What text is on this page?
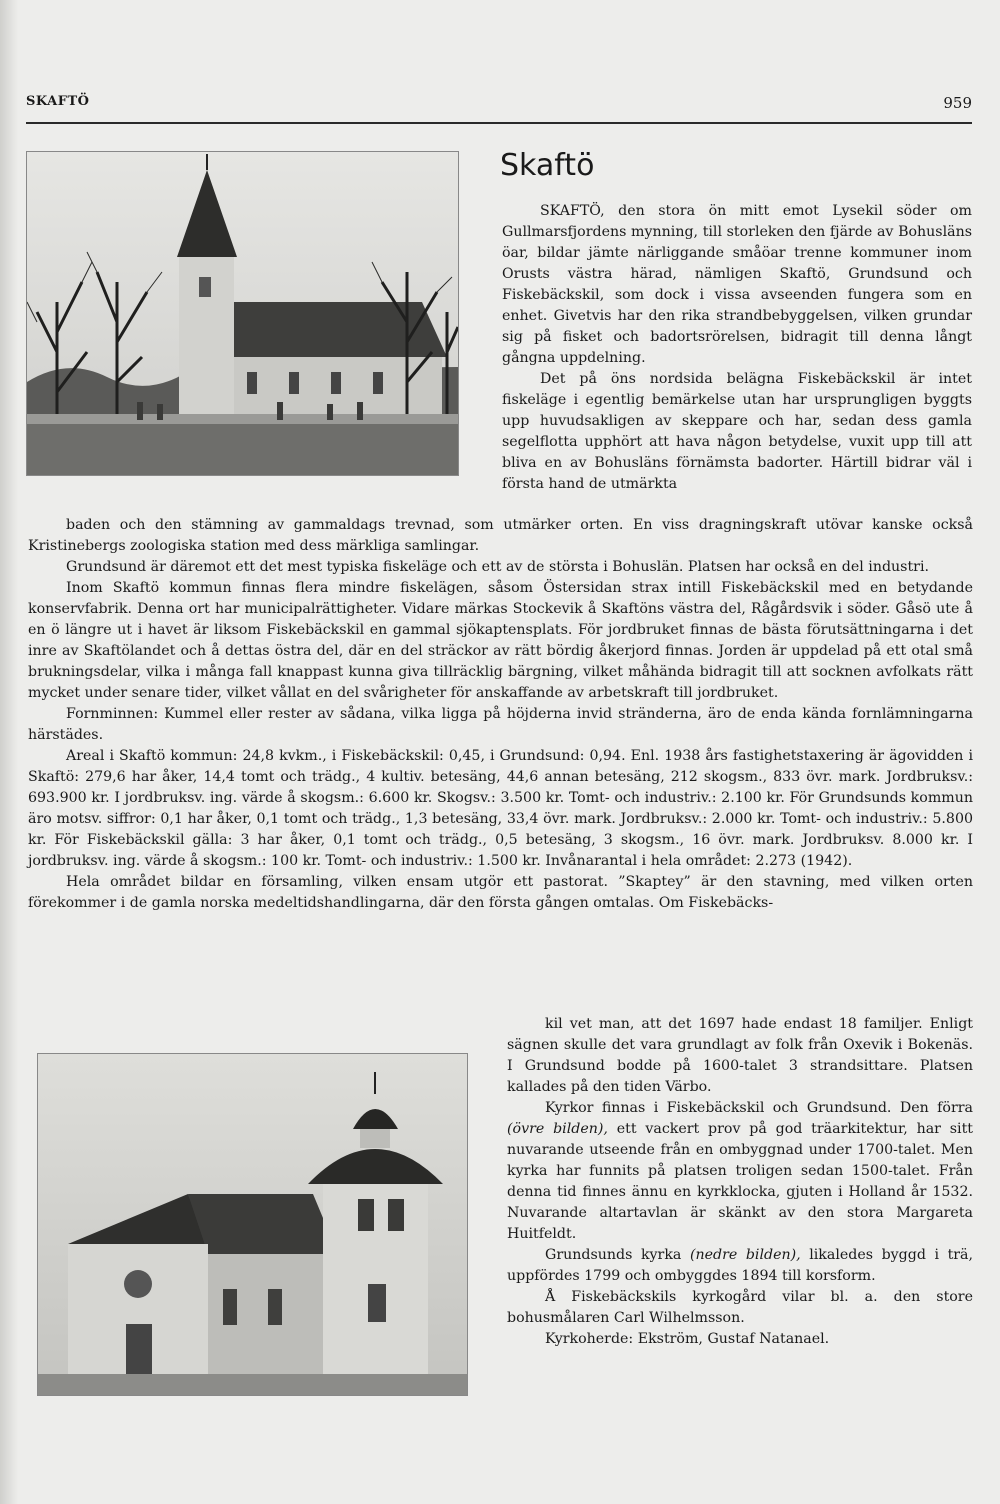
SKAFTÖ	959
Skaftö

SKAFTÖ, den stora ön mitt emot Lysekil söder om Gullmarsfjordens mynning, till storleken den fjärde av Bohusläns öar, bildar jämte närliggande småöar trenne kommuner inom Orusts västra härad, nämligen Skaftö, Grundsund och Fiskebäckskil, som dock i vissa avseenden fungera som en enhet. Givetvis har den rika strandbebyggelsen, vilken grundar sig på fisket och badortsrörelsen, bidragit till denna långt gångna uppdelning.

Det på öns nordsida belägna Fiskebäckskil är intet fiskeläge i egentlig bemärkelse utan har ursprungligen byggts upp huvudsakligen av skeppare och har, sedan dess gamla segelflotta upphört att hava någon betydelse, vuxit upp till att bliva en av Bohusläns förnämsta badorter. Härtill bidrar väl i första hand de utmärkta

baden och den stämning av gammaldags trevnad, som utmärker orten. En viss dragningskraft utövar kanske också Kristinebergs zoologiska station med dess märkliga samlingar.

Grundsund är däremot ett det mest typiska fiskeläge och ett av de största i Bohuslän. Platsen har också en del industri.

Inom Skaftö kommun finnas flera mindre fiskelägen, såsom Östersidan strax intill Fiskebäckskil med en betydande konservfabrik. Denna ort har municipalrättigheter. Vidare märkas Stockevik å Skaftöns västra del, Rågårdsvik i söder. Gåsö ute å en ö längre ut i havet är liksom Fiskebäckskil en gammal sjökaptensplats. För jordbruket finnas de bästa förutsättningarna i det inre av Skaftölandet och å dettas östra del, där en del sträckor av rätt bördig åkerjord finnas. Jorden är uppdelad på ett otal små brukningsdelar, vilka i många fall knappast kunna giva tillräcklig bärgning, vilket måhända bidragit till att socknen avfolkats rätt mycket under senare tider, vilket vållat en del svårigheter för anskaffande av arbetskraft till jordbruket.

Fornminnen: Kummel eller rester av sådana, vilka ligga på höjderna invid stränderna, äro de enda kända fornlämningarna härstädes.

Areal i Skaftö kommun: 24,8 kvkm., i Fiskebäckskil: 0,45, i Grundsund: 0,94. Enl. 1938 års fastighetstaxering är ägovidden i Skaftö: 279,6 har åker, 14,4 tomt och trädg., 4 kultiv. betesäng, 44,6 annan betesäng, 212 skogsm., 833 övr. mark. Jordbruksv.: 693.900 kr. I jordbruksv. ing. värde å skogsm.: 6.600 kr. Skogsv.: 3.500 kr. Tomt- och industriv.: 2.100 kr. För Grundsunds kommun äro motsv. siffror: 0,1 har åker, 0,1 tomt och trädg., 1,3 betesäng, 33,4 övr. mark. Jordbruksv.: 2.000 kr. Tomt- och industriv.: 5.800 kr. För Fiskebäckskil gälla: 3 har åker, 0,1 tomt och trädg., 0,5 betesäng, 3 skogsm., 16 övr. mark. Jordbruksv. 8.000 kr. I jordbruksv. ing. värde å skogsm.: 100 kr. Tomt- och industriv.: 1.500 kr. Invånarantal i hela området: 2.273 (1942).

Hela området bildar en församling, vilken ensam utgör ett pastorat. ”Skaptey” är den stavning, med vilken orten förekommer i de gamla norska medeltidshandlingarna, där den första gången omtalas. Om Fiskebäcks-

kil vet man, att det 1697 hade endast 18 familjer. Enligt sägnen skulle det vara grundlagt av folk från Oxevik i Bokenäs. I Grundsund bodde på 1600-talet 3 strandsittare. Platsen kallades på den tiden Värbo.

Kyrkor finnas i Fiskebäckskil och Grundsund. Den förra (övre bilden), ett vackert prov på god träarkitektur, har sitt nuvarande utseende från en ombyggnad under 1700-talet. Men kyrka har funnits på platsen troligen sedan 1500-talet. Från denna tid finnes ännu en kyrkklocka, gjuten i Holland år 1532. Nuvarande altartavlan är skänkt av den stora Margareta Huitfeldt.

Grundsunds kyrka (nedre bilden), likaledes byggd i trä, uppfördes 1799 och ombyggdes 1894 till korsform.

Å Fiskebäckskils kyrkogård vilar bl. a. den store bohusmålaren Carl Wilhelmsson.

Kyrkoherde: Ekström, Gustaf Natanael.
